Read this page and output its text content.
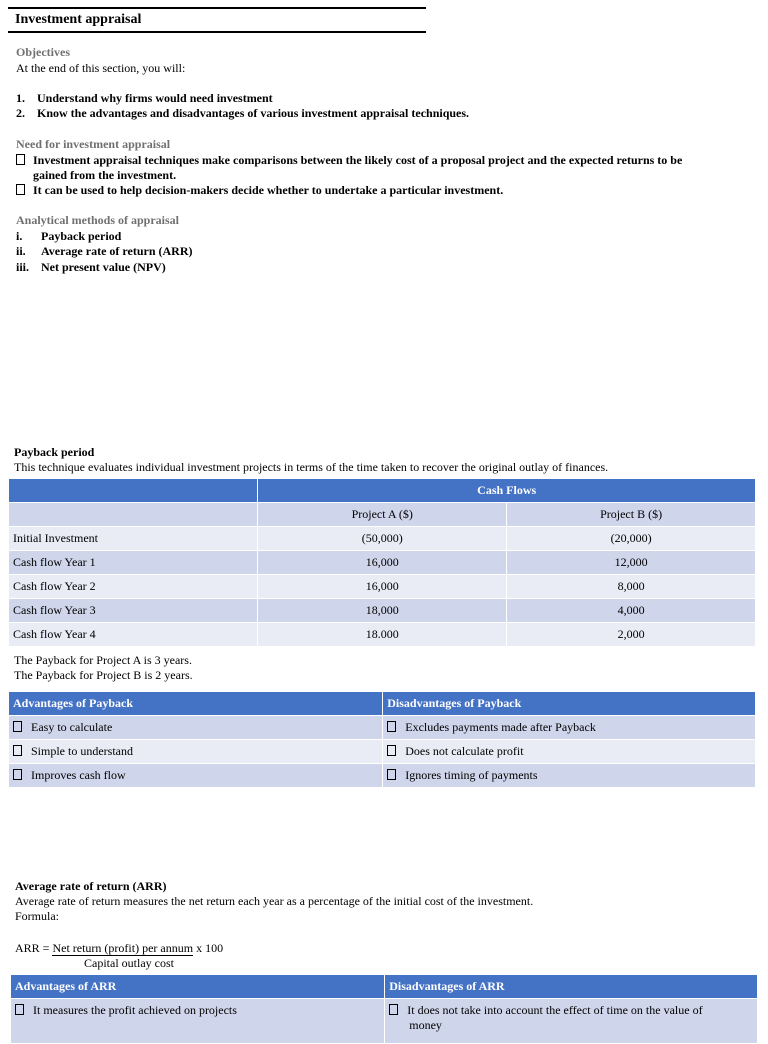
Investment appraisal
Objectives
At the end of this section, you will:
1. Understand why firms would need investment
2. Know the advantages and disadvantages of various investment appraisal techniques.
Need for investment appraisal
Investment appraisal techniques make comparisons between the likely cost of a proposal project and the expected returns to be
gained from the investment.
It can be used to help decision-makers decide whether to undertake a particular investment.
Analytical methods of appraisal
i. Payback period
ii. Average rate of return (ARR)
iii. Net present value (NPV)
Payback period
This technique evaluates individual investment projects in terms of the time taken to recover the original outlay of finances.
	Cash Flows	
	Project A ($)	Project B ($)
Initial Investment	(50,000)	(20,000)
Cash flow Year 1	16,000	12,000
Cash flow Year 2	16,000	8,000
Cash flow Year 3	18,000	4,000
Cash flow Year 4	18.000	2,000
The Payback for Project A is 3 years.
The Payback for Project B is 2 years.
Advantages of Payback	Disadvantages of Payback
Easy to calculate	Excludes payments made after Payback
Simple to understand	Does not calculate profit
Improves cash flow	Ignores timing of payments
Average rate of return (ARR)
Average rate of return measures the net return each year as a percentage of the initial cost of the investment.
Formula:
ARR = Net return (profit) per annum x 100
Capital outlay cost
Advantages of ARR	Disadvantages of ARR
It measures the profit achieved on projects	It does not take into account the effect of time on the value of
money
